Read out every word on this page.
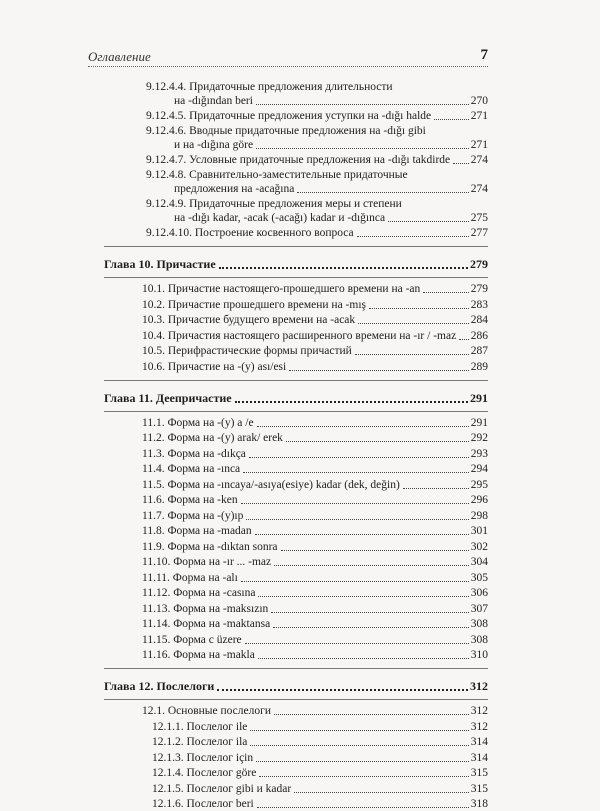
Оглавление	7
9.12.4.4. Придаточные предложения длительности
на -dığından beri	270
9.12.4.5. Придаточные предложения уступки на -dığı halde	271
9.12.4.6. Вводные придаточные предложения на -dığı gibi
и на -dığına göre	271
9.12.4.7. Условные придаточные предложения на -dığı takdirde 274
9.12.4.8. Сравнительно-заместительные придаточные
предложения на -acağına	274
9.12.4.9. Придаточные предложения меры и степени
на -dığı kadar, -acak (-acağı) kadar и -dığınca	275
9.12.4.10. Построение косвенного вопроса	277
Глава 10. Причастие	279
10.1. Причастие настоящего-прошедшего времени на -an	279
10.2. Причастие прошедшего времени на -mış	283
10.3. Причастие будущего времени на -acak	284
10.4. Причастия настоящего расширенного времени на -ır / -maz 286
10.5. Перифрастические формы причастий	287
10.6. Причастие на -(y) ası/esi	289
Глава 11. Деепричастие	291
11.1. Форма на -(y) a /e	291
11.2. Форма на -(y) arak/ erek	292
11.3. Форма на -dıkça	293
11.4. Форма на -ınca	294
11.5. Форма на -ıncaya/-asıya(esiye) kadar (dek, değin)	295
11.6. Форма на -ken	296
11.7. Форма на -(y)ıp	298
11.8. Форма на -madan	301
11.9. Форма на -dıktan sonra	302
11.10. Форма на -ır ... -maz	304
11.11. Форма на -alı	305
11.12. Форма на -casına	306
11.13. Форма на -maksızın	307
11.14. Форма на -maktansa	308
11.15. Форма с üzere	308
11.16. Форма на -makla	310
Глава 12. Послелоги	312
12.1. Основные послелоги	312
12.1.1. Послелог ile	312
12.1.2. Послелог ila	314
12.1.3. Послелог için	314
12.1.4. Послелог göre	315
12.1.5. Послелог gibi и kadar	315
12.1.6. Послелог beri	318
